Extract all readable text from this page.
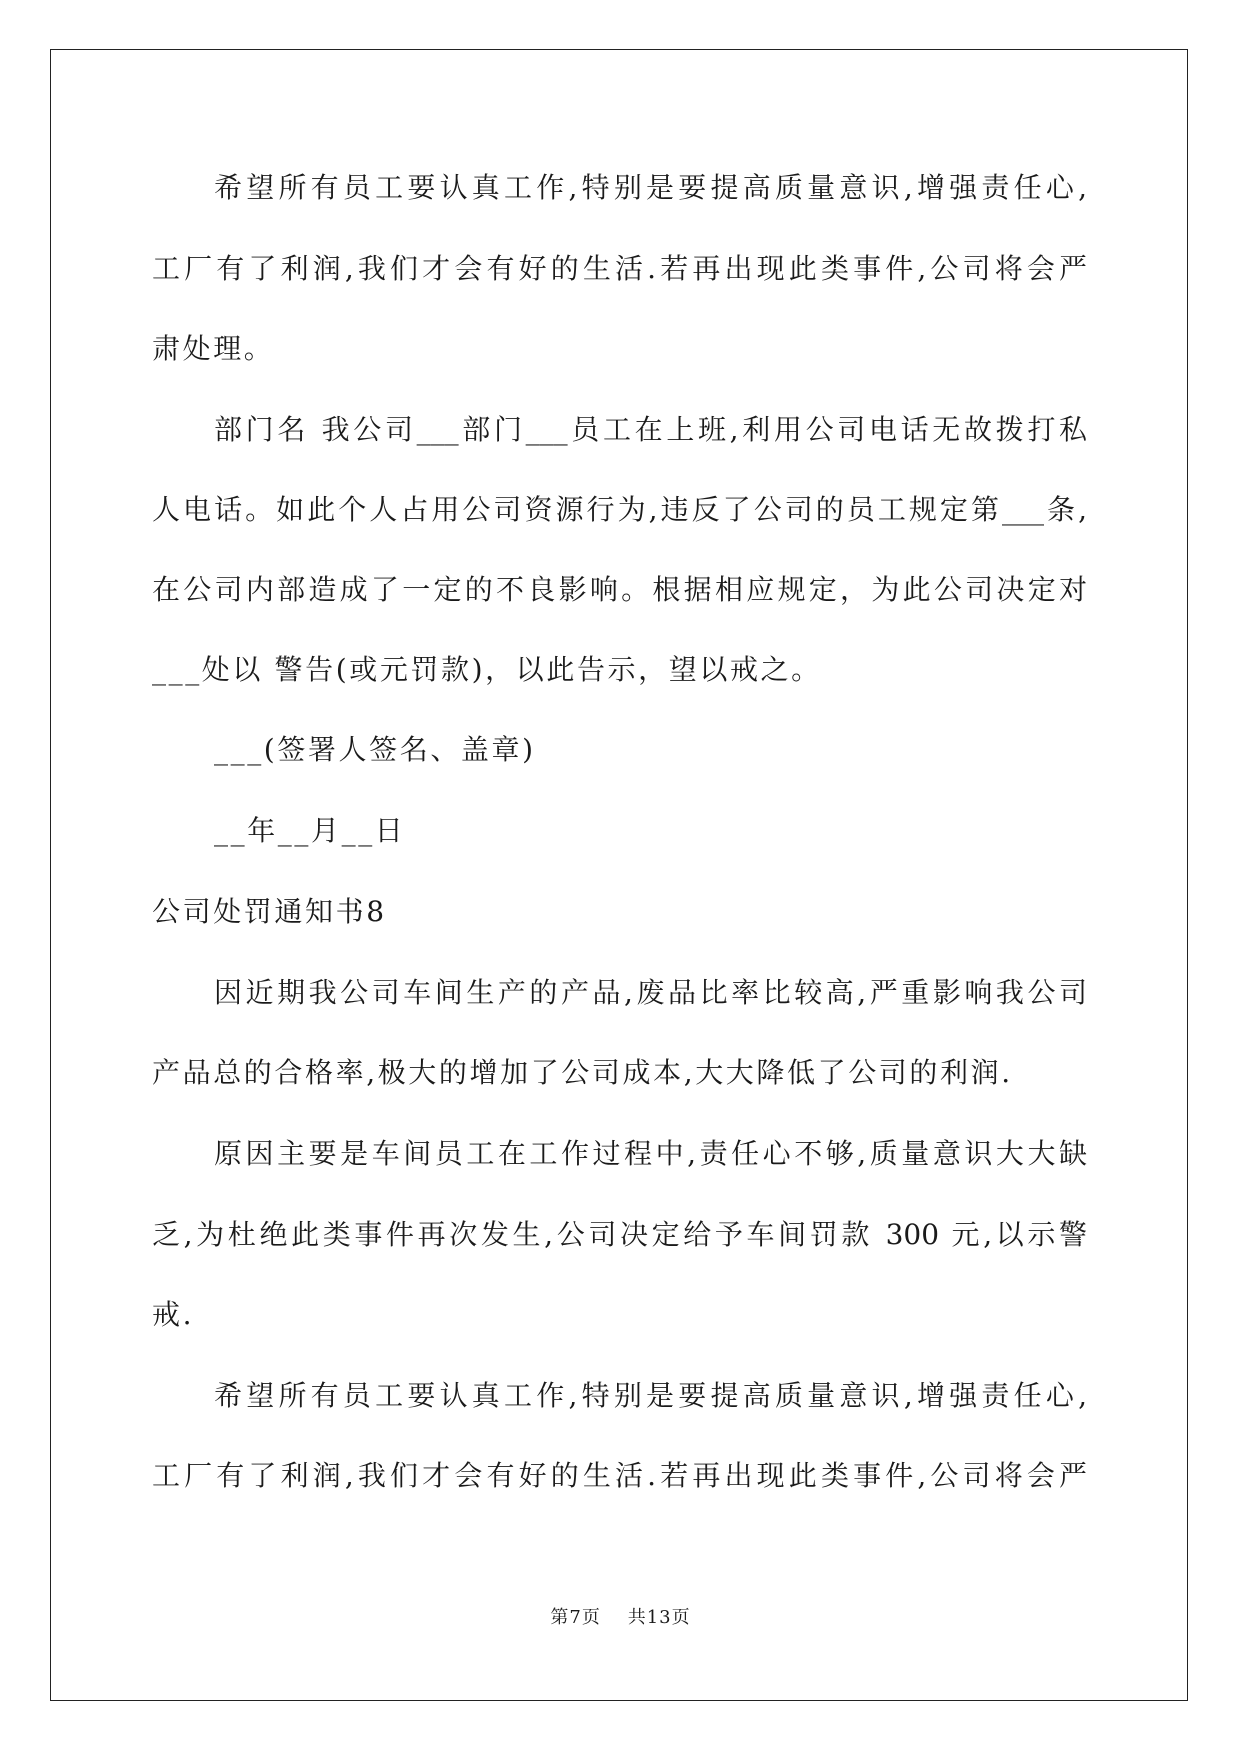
希望所有员工要认真工作,特别是要提高质量意识,增强责任心,
工厂有了利润,我们才会有好的生活.若再出现此类事件,公司将会严
肃处理。
部门名 我公司___部门___员工在上班,利用公司电话无故拨打私
人电话。如此个人占用公司资源行为,违反了公司的员工规定第___条,
在公司内部造成了一定的不良影响。根据相应规定，为此公司决定对
___处以 警告(或元罚款)，以此告示，望以戒之。
___(签署人签名、盖章)
__年__月__日
公司处罚通知书8
因近期我公司车间生产的产品,废品比率比较高,严重影响我公司
产品总的合格率,极大的增加了公司成本,大大降低了公司的利润.
原因主要是车间员工在工作过程中,责任心不够,质量意识大大缺
乏,为杜绝此类事件再次发生,公司决定给予车间罚款 300 元,以示警
戒.
希望所有员工要认真工作,特别是要提高质量意识,增强责任心,
工厂有了利润,我们才会有好的生活.若再出现此类事件,公司将会严
第7页 共13页
